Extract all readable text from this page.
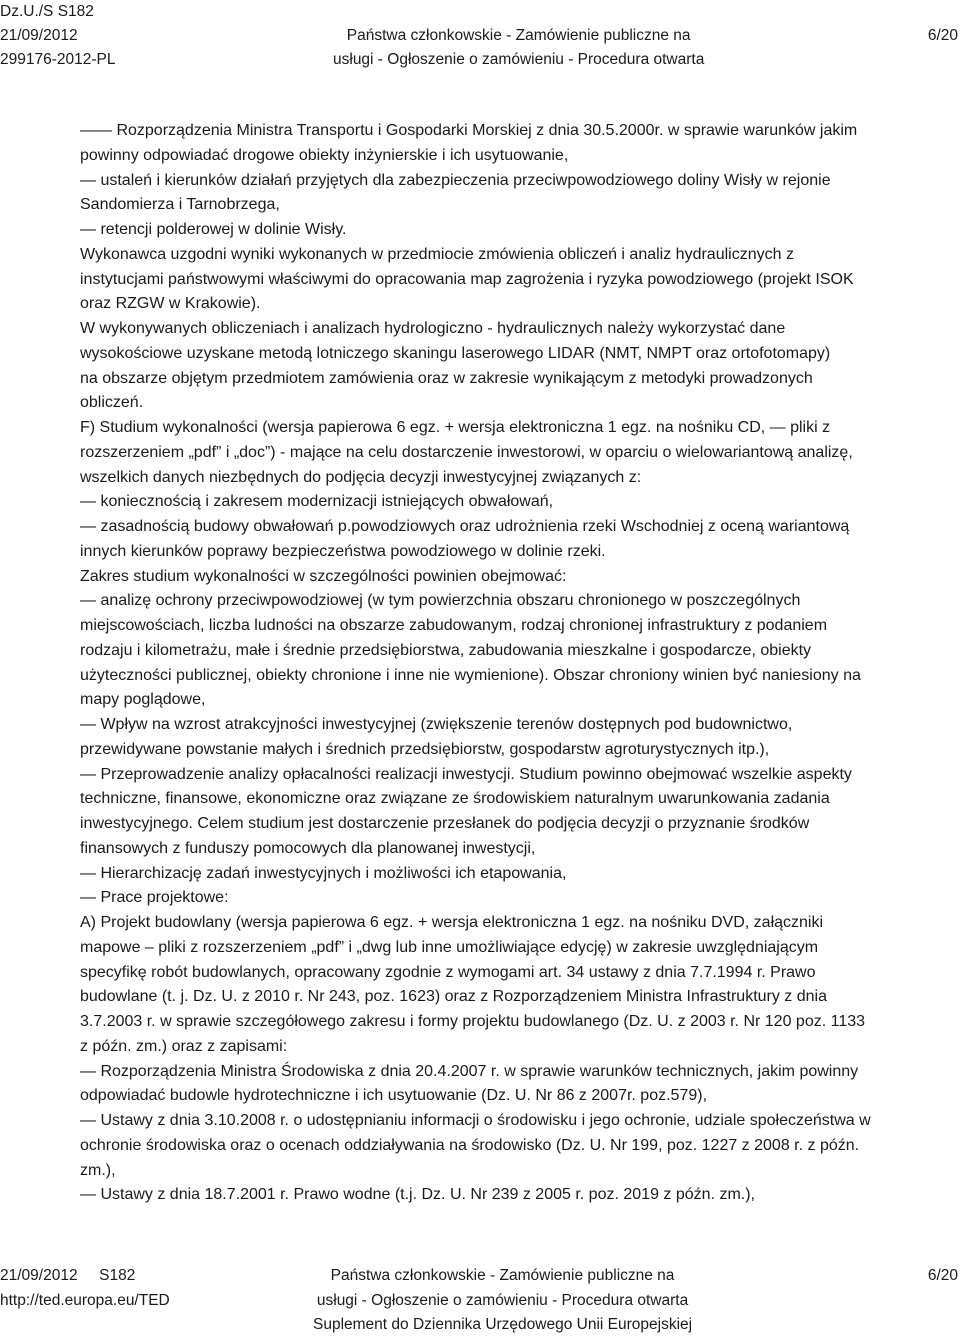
Dz.U./S S182
21/09/2012
299176-2012-PL
Państwa członkowskie - Zamówienie publiczne na
usługi - Ogłoszenie o zamówieniu - Procedura otwarta
6/20
—— Rozporządzenia Ministra Transportu i Gospodarki Morskiej z dnia 30.5.2000r. w sprawie warunków jakim
powinny odpowiadać drogowe obiekty inżynierskie i ich usytuowanie,
— ustaleń i kierunków działań przyjętych dla zabezpieczenia przeciwpowodziowego doliny Wisły w rejonie
Sandomierza i Tarnobrzega,
— retencji polderowej w dolinie Wisły.
Wykonawca uzgodni wyniki wykonanych w przedmiocie zmówienia obliczeń i analiz hydraulicznych z
instytucjami państwowymi właściwymi do opracowania map zagrożenia i ryzyka powodziowego (projekt ISOK
oraz RZGW w Krakowie).
W wykonywanych obliczeniach i analizach hydrologiczno - hydraulicznych należy wykorzystać dane
wysokościowe uzyskane metodą lotniczego skaningu laserowego LIDAR (NMT, NMPT oraz ortofotomapy)
na obszarze objętym przedmiotem zamówienia oraz w zakresie wynikającym z metodyki prowadzonych
obliczeń.
F) Studium wykonalności (wersja papierowa 6 egz. + wersja elektroniczna 1 egz. na nośniku CD, — pliki z
rozszerzeniem „pdf” i „doc”) - mające na celu dostarczenie inwestorowi, w oparciu o wielowariantową analizę,
wszelkich danych niezbędnych do podjęcia decyzji inwestycyjnej związanych z:
— koniecznością i zakresem modernizacji istniejących obwałowań,
— zasadnością budowy obwałowań p.powodziowych oraz udrożnienia rzeki Wschodniej z oceną wariantową
innych kierunków poprawy bezpieczeństwa powodziowego w dolinie rzeki.
Zakres studium wykonalności w szczególności powinien obejmować:
— analizę ochrony przeciwpowodziowej (w tym powierzchnia obszaru chronionego w poszczególnych
miejscowościach, liczba ludności na obszarze zabudowanym, rodzaj chronionej infrastruktury z podaniem
rodzaju i kilometrażu, małe i średnie przedsiębiorstwa, zabudowania mieszkalne i gospodarcze, obiekty
użyteczności publicznej, obiekty chronione i inne nie wymienione). Obszar chroniony winien być naniesiony na
mapy poglądowe,
— Wpływ na wzrost atrakcyjności inwestycyjnej (zwiększenie terenów dostępnych pod budownictwo,
przewidywane powstanie małych i średnich przedsiębiorstw, gospodarstw agroturystycznych itp.),
— Przeprowadzenie analizy opłacalności realizacji inwestycji. Studium powinno obejmować wszelkie aspekty
techniczne, finansowe, ekonomiczne oraz związane ze środowiskiem naturalnym uwarunkowania zadania
inwestycyjnego. Celem studium jest dostarczenie przesłanek do podjęcia decyzji o przyznanie środków
finansowych z funduszy pomocowych dla planowanej inwestycji,
— Hierarchizację zadań inwestycyjnych i możliwości ich etapowania,
— Prace projektowe:
A) Projekt budowlany (wersja papierowa 6 egz. + wersja elektroniczna 1 egz. na nośniku DVD, załączniki
mapowe – pliki z rozszerzeniem „pdf” i „dwg lub inne umożliwiające edycję) w zakresie uwzględniającym
specyfikę robót budowlanych, opracowany zgodnie z wymogami art. 34 ustawy z dnia 7.7.1994 r. Prawo
budowlane (t. j. Dz. U. z 2010 r. Nr 243, poz. 1623) oraz z Rozporządzeniem Ministra Infrastruktury z dnia
3.7.2003 r. w sprawie szczegółowego zakresu i formy projektu budowlanego (Dz. U. z 2003 r. Nr 120 poz. 1133
z późn. zm.) oraz z zapisami:
— Rozporządzenia Ministra Środowiska z dnia 20.4.2007 r. w sprawie warunków technicznych, jakim powinny
odpowiadać budowle hydrotechniczne i ich usytuowanie (Dz. U. Nr 86 z 2007r. poz.579),
— Ustawy z dnia 3.10.2008 r. o udostępnianiu informacji o środowisku i jego ochronie, udziale społeczeństwa w
ochronie środowiska oraz o ocenach oddziaływania na środowisko (Dz. U. Nr 199, poz. 1227 z 2008 r. z późn.
zm.),
— Ustawy z dnia 18.7.2001 r. Prawo wodne (t.j. Dz. U. Nr 239 z 2005 r. poz. 2019 z późn. zm.),
21/09/2012     S182
http://ted.europa.eu/TED
Państwa członkowskie - Zamówienie publiczne na
usługi - Ogłoszenie o zamówieniu - Procedura otwarta
Suplement do Dziennika Urzędowego Unii Europejskiej
6/20
